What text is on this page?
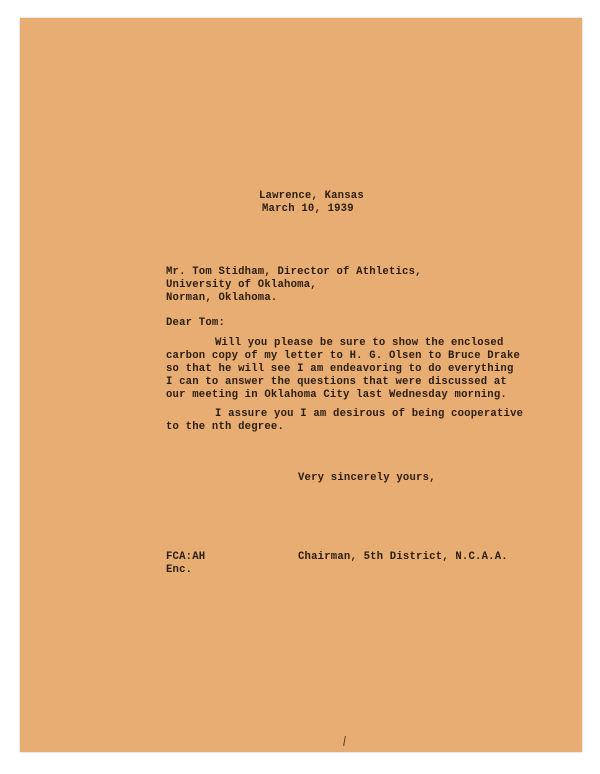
Lawrence, Kansas
March 10, 1939
Mr. Tom Stidham, Director of Athletics,
University of Oklahoma,
Norman, Oklahoma.
Dear Tom:
Will you please be sure to show the enclosed
carbon copy of my letter to H. G. Olsen to Bruce Drake
so that he will see I am endeavoring to do everything
I can to answer the questions that were discussed at
our meeting in Oklahoma City last Wednesday morning.
I assure you I am desirous of being cooperative
to the nth degree.
Very sincerely yours,
FCA:AH
Enc.
Chairman, 5th District, N.C.A.A.
